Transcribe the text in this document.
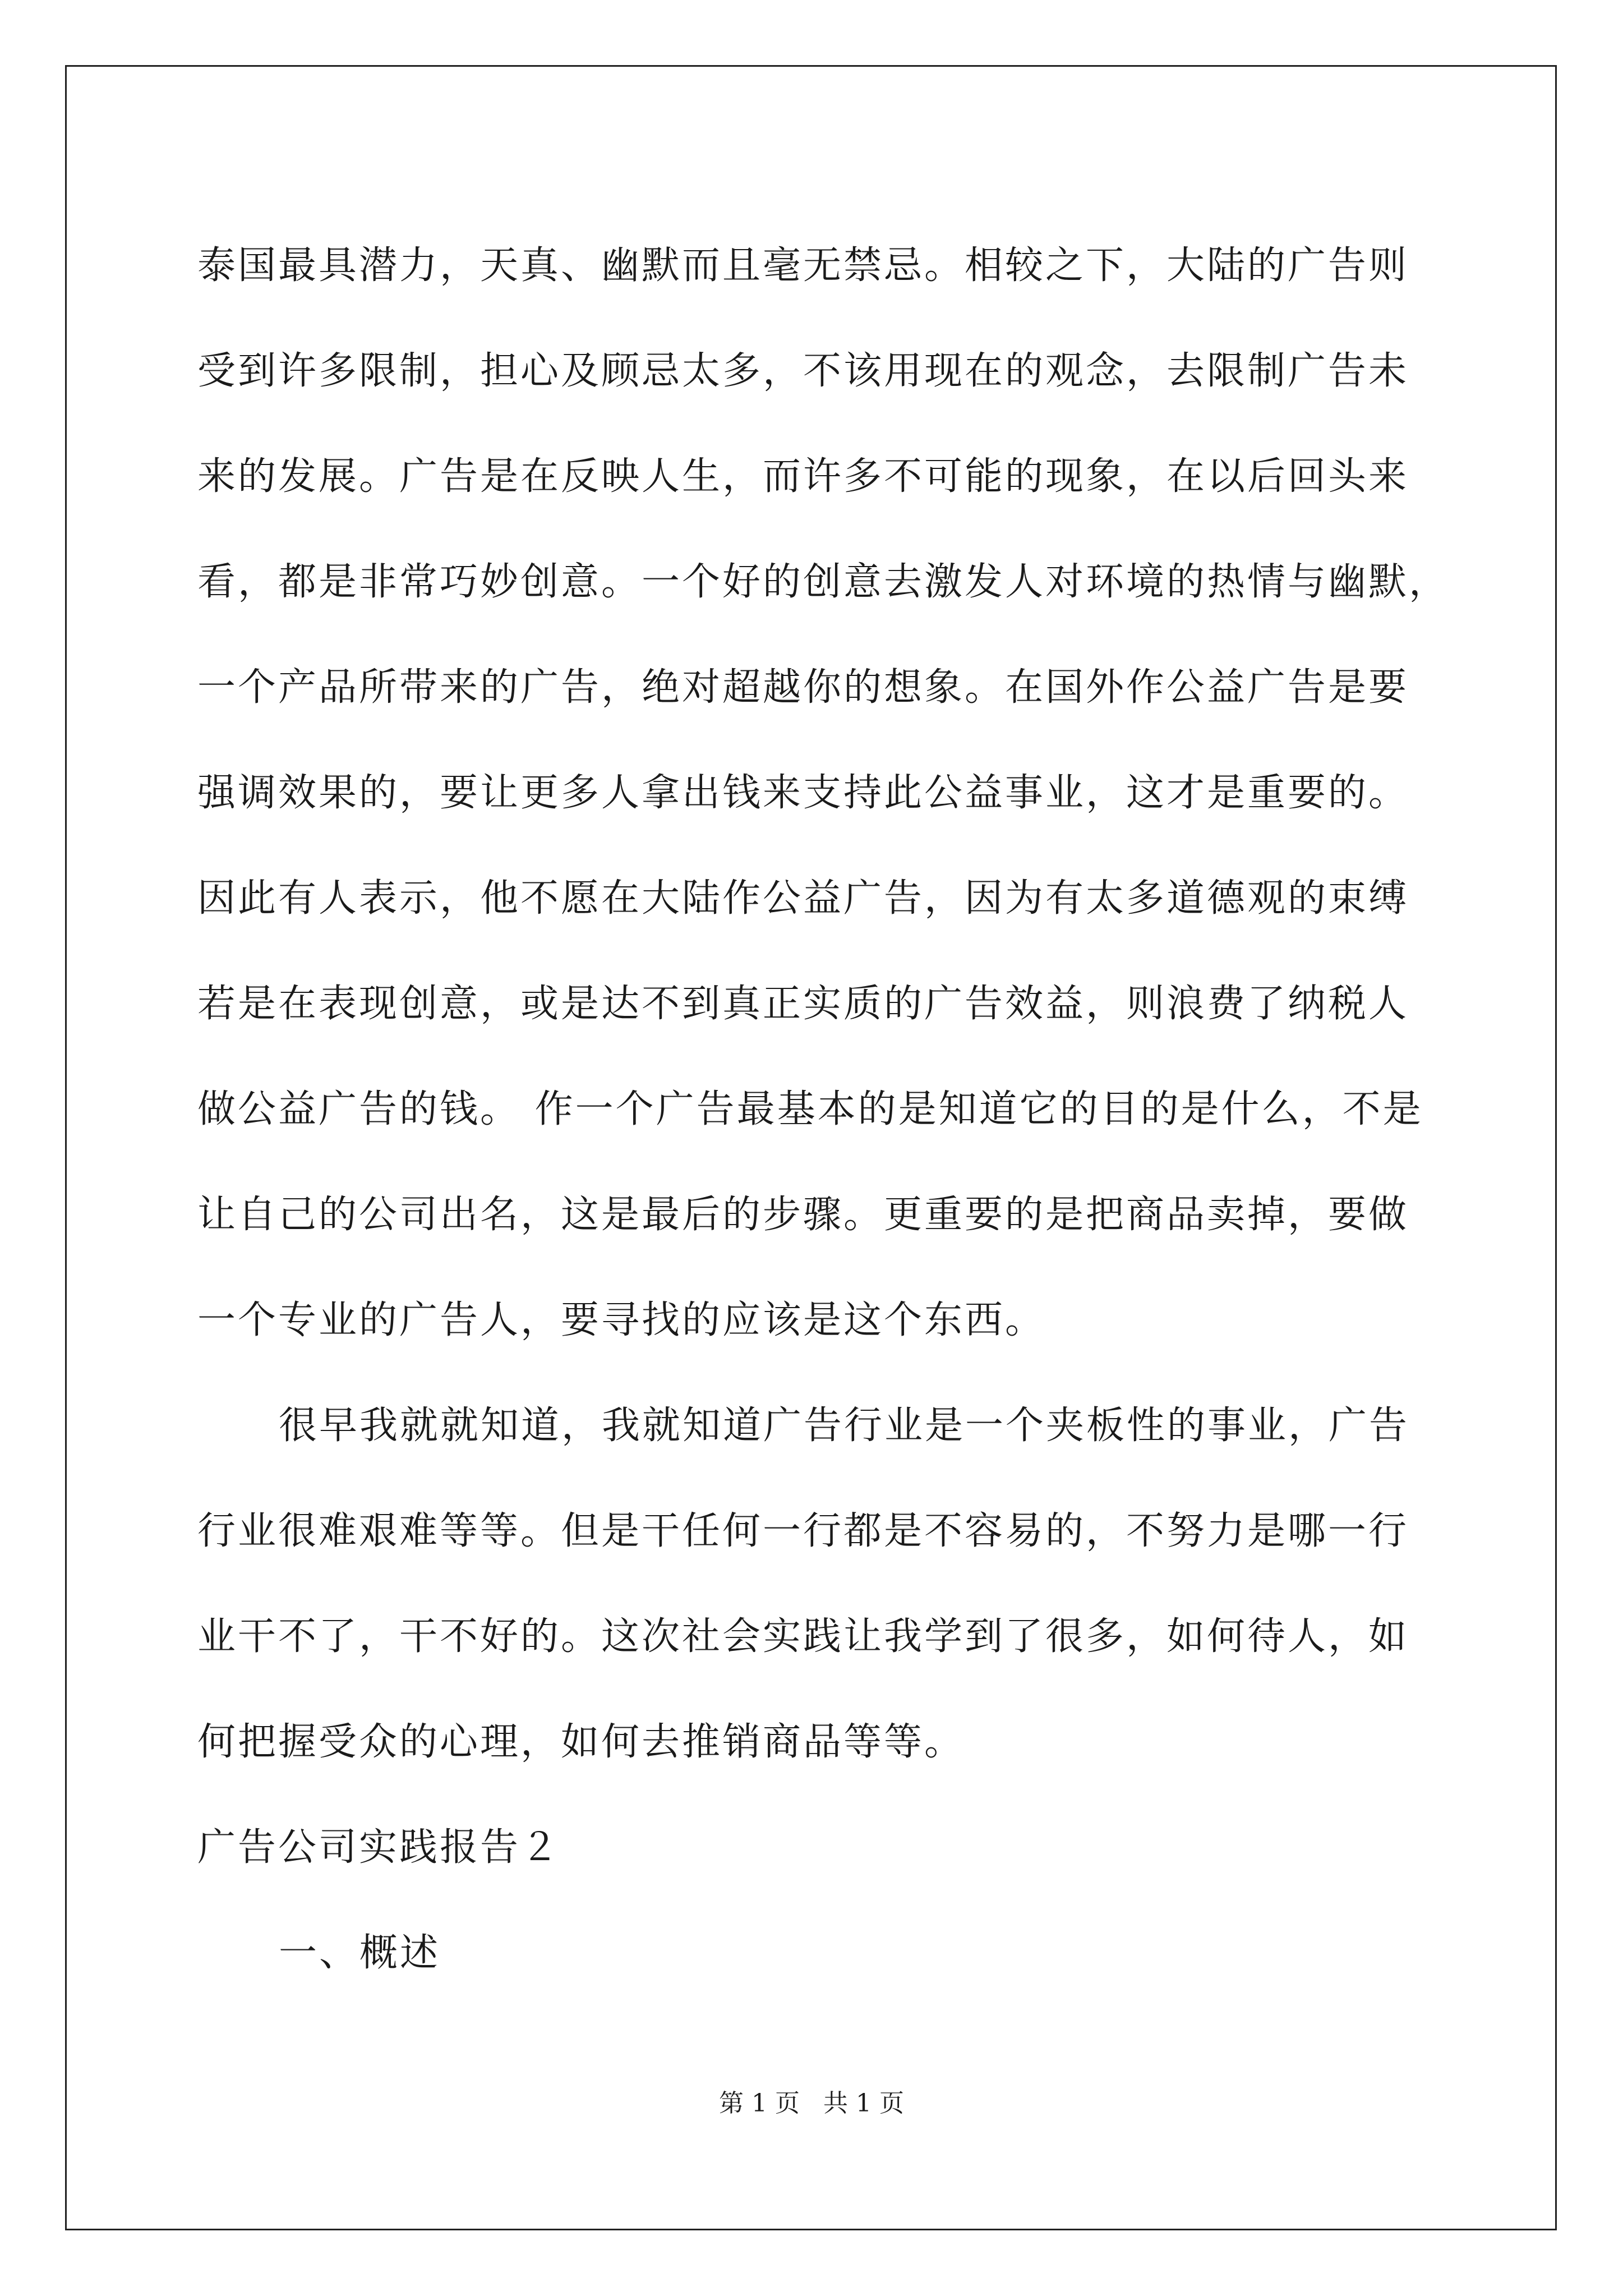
泰国最具潜力，天真、幽默而且毫无禁忌。相较之下，大陆的广告则
受到许多限制，担心及顾忌太多，不该用现在的观念，去限制广告未
来的发展。广告是在反映人生，而许多不可能的现象，在以后回头来
看，都是非常巧妙创意。一个好的创意去激发人对环境的热情与幽默，
一个产品所带来的广告，绝对超越你的想象。在国外作公益广告是要
强调效果的，要让更多人拿出钱来支持此公益事业，这才是重要的。
因此有人表示，他不愿在大陆作公益广告，因为有太多道德观的束缚
若是在表现创意，或是达不到真正实质的广告效益，则浪费了纳税人
做公益广告的钱。 作一个广告最基本的是知道它的目的是什么，不是
让自己的公司出名，这是最后的步骤。更重要的是把商品卖掉，要做
一个专业的广告人，要寻找的应该是这个东西。
很早我就就知道，我就知道广告行业是一个夹板性的事业，广告
行业很难艰难等等。但是干任何一行都是不容易的，不努力是哪一行
业干不了，干不好的。这次社会实践让我学到了很多，如何待人，如
何把握受众的心理，如何去推销商品等等。
广告公司实践报告２
一、概述
第 1 页   共 1 页
